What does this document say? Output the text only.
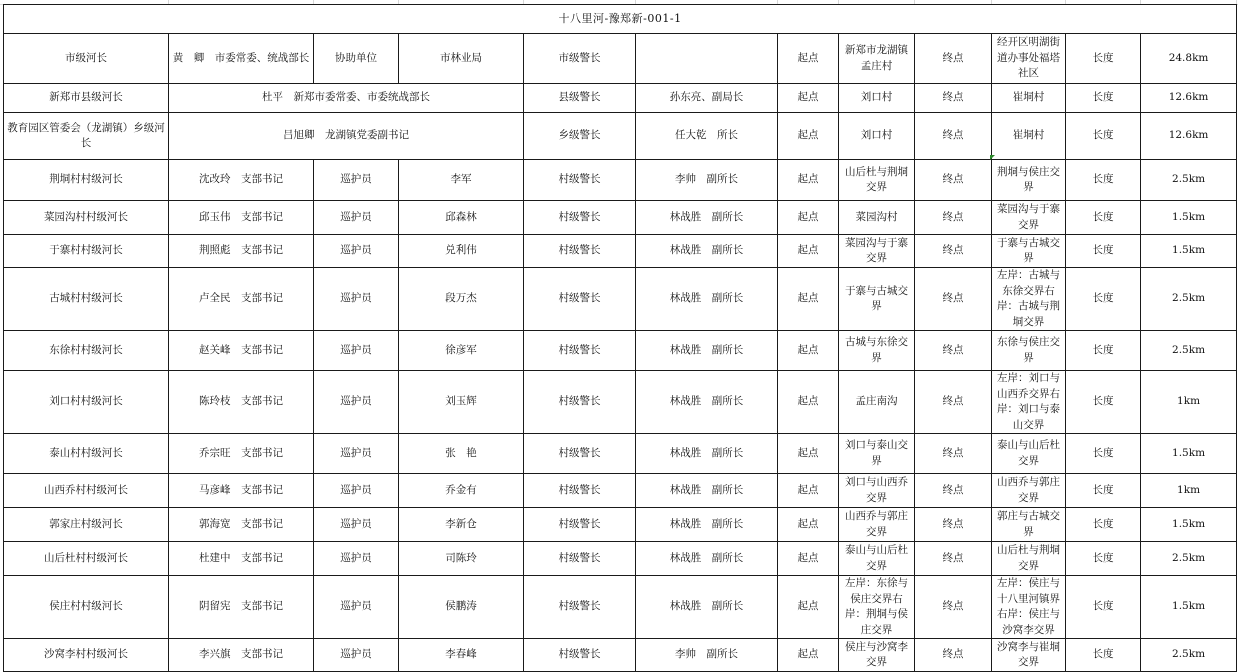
十八里河-豫郑新-001-1											
市级河长	黄　卿　市委常委、统战部长	协助单位	市林业局	市级警长		起点	新郑市龙湖镇孟庄村	终点	经开区明湖街道办事处福塔社区	长度	24.8km
新郑市县级河长	杜平　新郑市委常委、市委统战部长			县级警长	孙东亮、副局长	起点	刘口村	终点	崔垌村	长度	12.6km
教育园区管委会（龙湖镇）乡级河长	吕旭卿　龙湖镇党委副书记			乡级警长	任大乾　所长	起点	刘口村	终点	崔垌村	长度	12.6km
荆垌村村级河长	沈改玲　支部书记	巡护员	李军	村级警长	李帅　副所长	起点	山后杜与荆垌交界	终点	荆垌与侯庄交界	长度	2.5km
菜园沟村村级河长	邱玉伟　支部书记	巡护员	邱森林	村级警长	林战胜　副所长	起点	菜园沟村	终点	菜园沟与于寨交界	长度	1.5km
于寨村村级河长	荆照彪　支部书记	巡护员	兑利伟	村级警长	林战胜　副所长	起点	菜园沟与于寨交界	终点	于寨与古城交界	长度	1.5km
古城村村级河长	卢全民　支部书记	巡护员	段万杰	村级警长	林战胜　副所长	起点	于寨与古城交界	终点	左岸：古城与东徐交界右岸：古城与荆垌交界	长度	2.5km
东徐村村级河长	赵关峰　支部书记	巡护员	徐彦军	村级警长	林战胜　副所长	起点	古城与东徐交界	终点	东徐与侯庄交界	长度	2.5km
刘口村村级河长	陈玲枝　支部书记	巡护员	刘玉辉	村级警长	林战胜　副所长	起点	孟庄南沟	终点	左岸：刘口与山西乔交界右岸：刘口与泰山交界	长度	1km
泰山村村级河长	乔宗旺　支部书记	巡护员	张　艳	村级警长	林战胜　副所长	起点	刘口与泰山交界	终点	泰山与山后杜交界	长度	1.5km
山西乔村村级河长	马彦峰　支部书记	巡护员	乔金有	村级警长	林战胜　副所长	起点	刘口与山西乔交界	终点	山西乔与郭庄交界	长度	1km
郭家庄村级河长	郭海宽　支部书记	巡护员	李新仓	村级警长	林战胜　副所长	起点	山西乔与郭庄交界	终点	郭庄与古城交界	长度	1.5km
山后杜村村级河长	杜建中　支部书记	巡护员	司陈玲	村级警长	林战胜　副所长	起点	泰山与山后杜交界	终点	山后杜与荆垌交界	长度	2.5km
侯庄村村级河长	阴留宪　支部书记	巡护员	侯鹏涛	村级警长	林战胜　副所长	起点	左岸：东徐与侯庄交界右岸：荆垌与侯庄交界	终点	左岸：侯庄与十八里河镇界右岸：侯庄与沙窝李交界	长度	1.5km
沙窝李村村级河长	李兴旗　支部书记	巡护员	李春峰	村级警长	李帅　副所长	起点	侯庄与沙窝李交界	终点	沙窝李与崔垌交界	长度	2.5km
